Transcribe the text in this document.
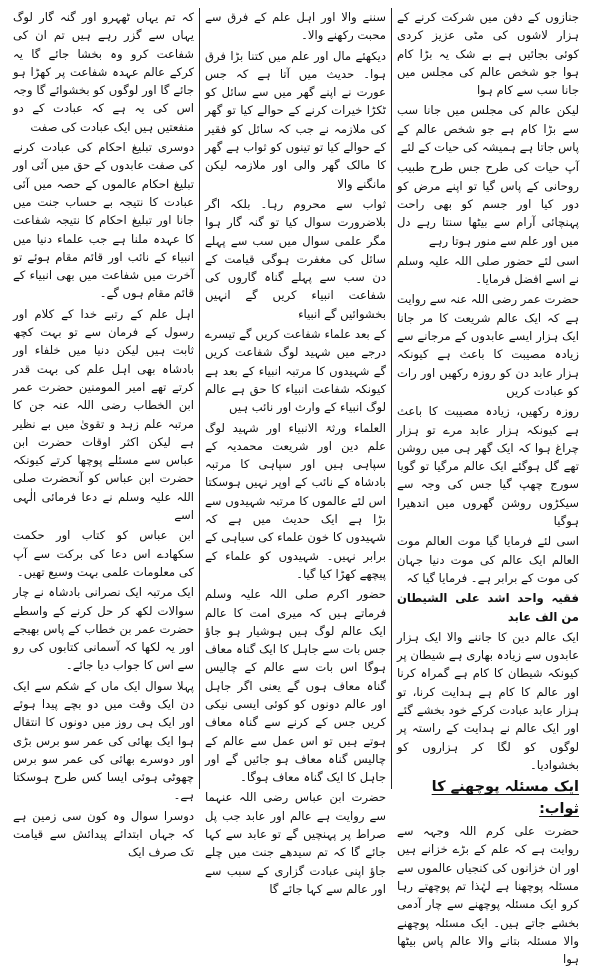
جنازوں کے دفن میں شرکت کرنے کے ہزار لاشوں کی مٹی عزیز کردی کوئی بجائیں ہے بے شک یہ بڑا کام ہوا جو شخص عالم کی مجلس میں جانا سب سے کام ہوا

لیکن عالم کی مجلس میں جانا سب سے بڑا کام ہے جو شخص عالم کے پاس جاتا ہے ہمیشہ کی حیات کے لئے

آپ حیات کی طرح جس طرح طبیب روحانی کے پاس گیا تو اپنے مرض کو دور کیا اور جسم کو بھی راحت پہنچائی آرام سے بیٹھا سنتا رہے دل میں اور علم سے منور ہوتا رہے

اسی لئے حضور صلی اللہ علیہ وسلم نے اسے افضل فرمایا۔

حضرت عمر رضی اللہ عنہ سے روایت ہے کہ ایک عالم شریعت کا مر جانا ایک ہزار ایسے عابدوں کے مرجانے سے زیادہ مصیبت کا باعث ہے کیونکہ ہزار عابد دن کو روزہ رکھیں اور رات کو عبادت کریں

روزہ رکھیں، زیادہ مصیبت کا باعث ہے کیونکہ ہزار عابد مرے تو ہزار چراغ ہوا کہ ایک گھر ہی میں روشن تھے گل ہوگئے ایک عالم مرگیا تو گویا سورج چھپ گیا جس کی وجہ سے سیکڑوں روشن گھروں میں اندھیرا ہوگیا

اسی لئے فرمایا گیا موت العالم موت العالم ایک عالم کی موت دنیا جہان کی موت کے برابر ہے۔ فرمایا گیا کہ

فقیہ واحد اشد علی الشیطان من الف عابد

ایک عالم دین کا جاننے والا ایک ہزار عابدوں سے زیادہ بھاری ہے شیطان پر کیونکہ شیطان کا کام ہے گمراہ کرنا اور عالم کا کام ہے ہدایت کرنا، تو ہزار عابد عبادت کرکے خود بخشے گئے اور ایک عالم نے ہدایت کے راستہ پر لوگوں کو لگا کر ہزاروں کو بخشوادیا۔

ایک مسئلہ پوچھنے کا ثواب:

حضرت علی کرم اللہ وجہہ سے روایت ہے کہ علم کے بڑے خزانے ہیں اور ان خزانوں کی کنجیاں عالموں سے مسئلہ پوچھنا ہے لہٰذا تم پوچھتے رہا کرو ایک مسئلہ پوچھنے سے چار آدمی بخشے جاتے ہیں۔ ایک مسئلہ پوچھنے والا مسئلہ بتانے والا عالم پاس بیٹھا ہوا

سننے والا اور اہل علم کے فرق سے محبت رکھنے والا۔

دیکھئے مال اور علم میں کتنا بڑا فرق ہوا۔ حدیث میں آتا ہے کہ جس عورت نے اپنے گھر میں سے سائل کو ٹکڑا خیرات کرنے کے حوالے کیا تو گھر کی ملازمہ نے جب کہ سائل کو فقیر کے حوالے کیا تو تینوں کو ثواب ہے گھر کا مالک گھر والی اور ملازمہ لیکن مانگنے والا

ثواب سے محروم رہا۔ بلکہ اگر بلاضرورت سوال کیا تو گنہ گار ہوا مگر علمی سوال میں سب سے پہلے سائل کی مغفرت ہوگی قیامت کے دن سب سے پہلے گناہ گاروں کی شفاعت انبیاء کریں گے انہیں بخشوائیں گے انبیاء

کے بعد علماء شفاعت کریں گے تیسرے درجے میں شہید لوگ شفاعت کریں گے شہیدوں کا مرتبہ انبیاء کے بعد ہے کیونکہ شفاعت انبیاء کا حق ہے عالم لوگ انبیاء کے وارث اور نائب ہیں

العلماء ورثۃ الانبیاء اور شہید لوگ علم دین اور شریعت محمدیہ کے سپاہی ہیں اور سپاہی کا مرتبہ بادشاہ کے نائب کے اوپر نہیں ہوسکتا اس لئے عالموں کا مرتبہ شہیدوں سے بڑا ہے ایک حدیث میں ہے کہ شہیدوں کا خون علماء کی سیاہی کے برابر نہیں۔ شہیدوں کو علماء کے پیچھے کھڑا کیا گیا۔

حضور اکرم صلی اللہ علیہ وسلم فرماتے ہیں کہ میری امت کا عالم ایک عالم لوگ ہیں ہوشیار ہو جاؤ جس بات سے جاہل کا ایک گناہ معاف ہوگا اس بات سے عالم کے چالیس گناہ معاف ہوں گے یعنی اگر جاہل اور عالم دونوں کو کوئی ایسی نیکی کریں جس کے کرنے سے گناہ معاف ہوتے ہیں تو اس عمل سے عالم کے چالیس گناہ معاف ہو جائیں گے اور جاہل کا ایک گناہ معاف ہوگا۔

حضرت ابن عباس رضی اللہ عنہما سے روایت ہے عالم اور عابد جب پل صراط پر پہنچیں گے تو عابد سے کہا جائے گا کہ تم سیدھے جنت میں چلے جاؤ اپنی عبادت گزاری کے سبب سے اور عالم سے کہا جائے گا

کہ تم یہاں ٹھہرو اور گنہ گار لوگ یہاں سے گزر رہے ہیں تم ان کی شفاعت کرو وہ بخشا جائے گا یہ کرکے عالم عہدہ شفاعت پر کھڑا ہو جائے گا اور لوگوں کو بخشوائے گا وجہ اس کی یہ ہے کہ عبادت کے دو منفعتیں ہیں ایک عبادت کی صفت

دوسری تبلیغ احکام کی عبادت کرنے کی صفت عابدوں کے حق میں آئی اور تبلیغ احکام عالموں کے حصہ میں آئی عبادت کا نتیجہ بے حساب جنت میں جانا اور تبلیغ احکام کا نتیجہ شفاعت کا عہدہ ملنا ہے جب علماء دنیا میں انبیاء کے نائب اور قائم مقام ہوئے تو آخرت میں شفاعت میں بھی انبیاء کے قائم مقام ہوں گے۔

اہل علم کے رتبے خدا کے کلام اور رسول کے فرمان سے تو بہت کچھ ثابت ہیں لیکن دنیا میں خلفاء اور بادشاہ بھی اہل علم کی بہت قدر کرتے تھے امیر المومنین حضرت عمر ابن الخطاب رضی اللہ عنہ جن کا مرتبہ علم زہد و تقویٰ میں بے نظیر ہے لیکن اکثر اوقات حضرت ابن عباس سے مسئلے پوچھا کرتے کیونکہ حضرت ابن عباس کو آنحضرت صلی اللہ علیہ وسلم نے دعا فرمائی الٰہی اسے

ابن عباس کو کتاب اور حکمت سکھادے اس دعا کی برکت سے آپ کی معلومات علمی بہت وسیع تھیں۔

ایک مرتبہ ایک نصرانی بادشاہ نے چار سوالات لکھ کر حل کرنے کے واسطے حضرت عمر بن خطاب کے پاس بھیجے اور یہ لکھا کہ آسمانی کتابوں کی رو سے اس کا جواب دیا جائے۔

پہلا سوال ایک ماں کے شکم سے ایک دن ایک وقت میں دو بچے پیدا ہوئے اور ایک ہی روز میں دونوں کا انتقال ہوا ایک بھائی کی عمر سو برس بڑی اور دوسرے بھائی کی عمر سو برس چھوٹی ہوئی ایسا کس طرح ہوسکتا ہے۔

دوسرا سوال وہ کون سی زمین ہے کہ جہاں ابتدائے پیدائش سے قیامت تک صرف ایک
